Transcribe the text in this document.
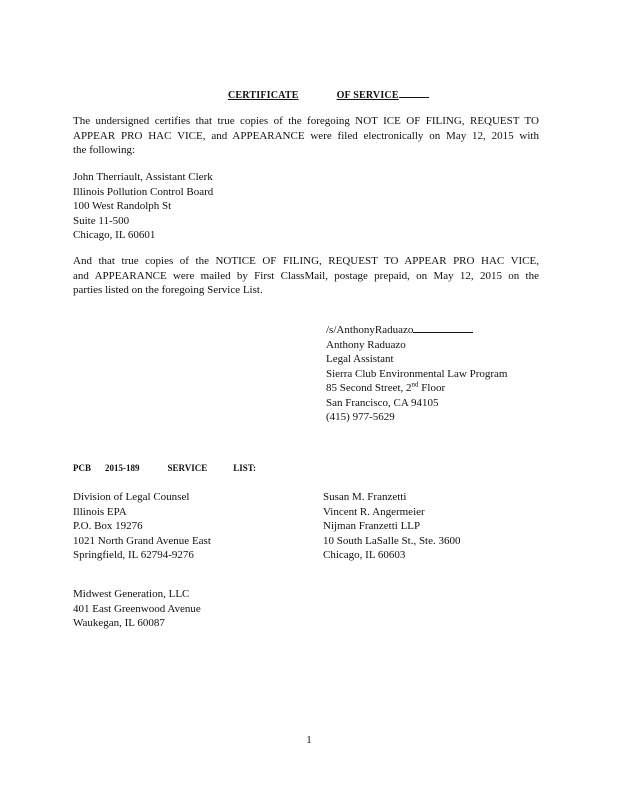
CERTIFICATE	OF SERVICE
The undersigned certifies that true copies of the foregoing NOT ICE OF FILING, REQUEST TO
APPEAR PRO HAC VICE, and APPEARANCE were filed electronically on May 12, 2015 with
the following:
John Therriault, Assistant Clerk
Illinois Pollution Control Board
100 West Randolph St
Suite 11-500
Chicago, IL 60601
And that true copies of the NOTICE OF FILING, REQUEST TO APPEAR PRO HAC VICE,
and APPEARANCE were mailed by First ClassMail, postage prepaid, on May 12, 2015 on the
parties listed on the foregoing Service List.
/s/AnthonyRaduazo
Anthony Raduazo
Legal Assistant
Sierra Club Environmental Law Program
85 Second Street, 2nd Floor
San Francisco, CA 94105
(415) 977-5629
PCB 2015-189	SERVICE	LIST:
Division of Legal Counsel
Illinois EPA
P.O. Box 19276
1021 North Grand Avenue East
Springfield, IL 62794-9276
Susan M. Franzetti
Vincent R. Angermeier
Nijman Franzetti LLP
10 South LaSalle St., Ste. 3600
Chicago, IL 60603
Midwest Generation, LLC
401 East Greenwood Avenue
Waukegan, IL 60087
1
